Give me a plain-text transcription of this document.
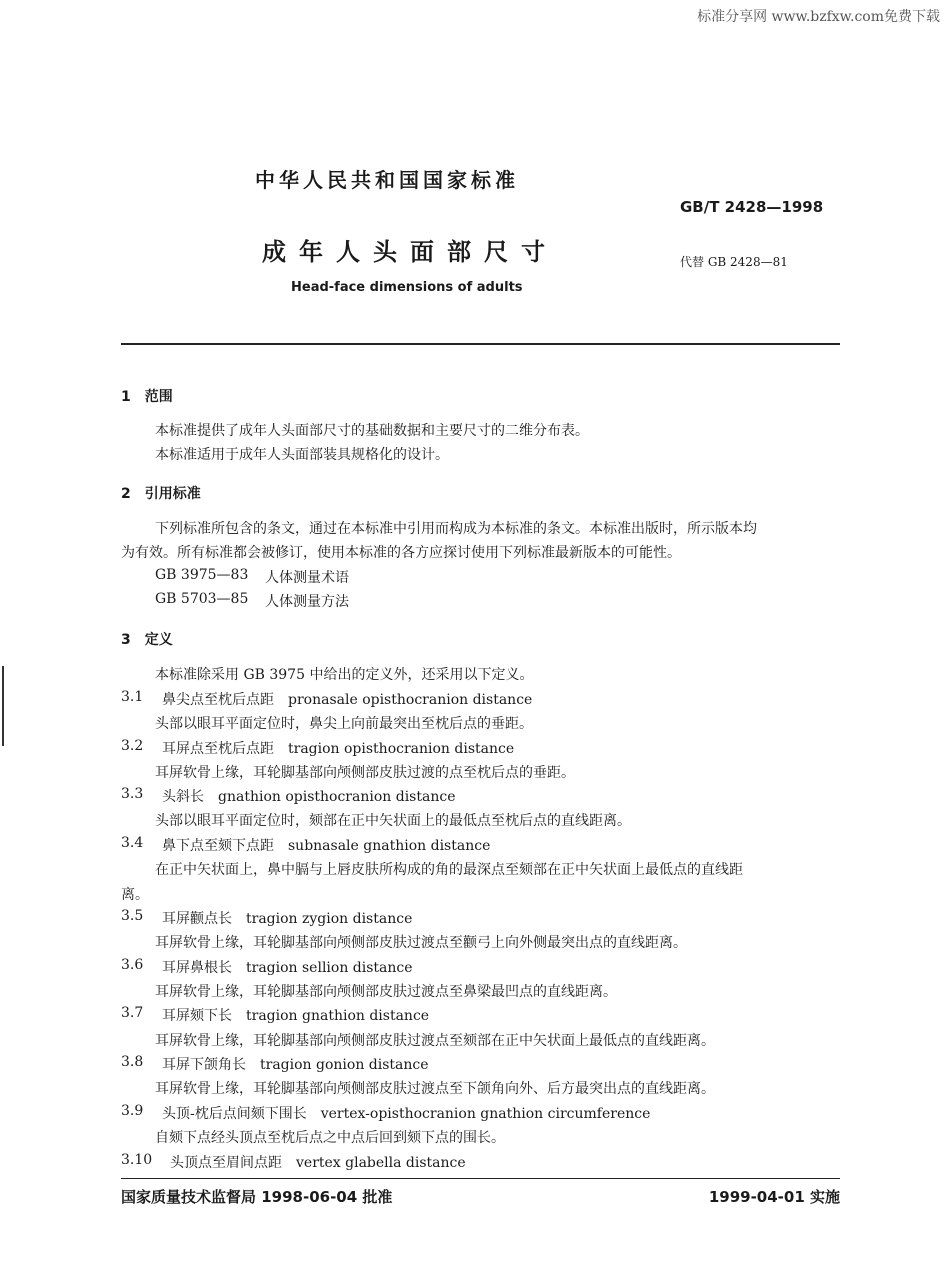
标准分享网 www.bzfxw.com免费下载
中华人民共和国国家标准
GB/T 2428—1998
成年人头面部尺寸	代替 GB 2428—81
Head-face dimensions of adults
1　范围
本标准提供了成年人头面部尺寸的基础数据和主要尺寸的二维分布表。
本标准适用于成年人头面部装具规格化的设计。
2　引用标准
下列标准所包含的条文，通过在本标准中引用而构成为本标准的条文。本标准出版时，所示版本均
为有效。所有标准都会被修订，使用本标准的各方应探讨使用下列标准最新版本的可能性。
GB 3975—83 人体测量术语
GB 5703—85 人体测量方法
3　定义
本标准除采用 GB 3975 中给出的定义外，还采用以下定义。
3.1 鼻尖点至枕后点距　pronasale opisthocranion distance
头部以眼耳平面定位时，鼻尖上向前最突出至枕后点的垂距。
3.2 耳屏点至枕后点距　tragion opisthocranion distance
耳屏软骨上缘，耳轮脚基部向颅侧部皮肤过渡的点至枕后点的垂距。
3.3 头斜长　gnathion opisthocranion distance
头部以眼耳平面定位时，颏部在正中矢状面上的最低点至枕后点的直线距离。
3.4 鼻下点至颏下点距　subnasale gnathion distance
在正中矢状面上，鼻中膈与上唇皮肤所构成的角的最深点至颏部在正中矢状面上最低点的直线距
离。
3.5 耳屏颧点长　tragion zygion distance
耳屏软骨上缘，耳轮脚基部向颅侧部皮肤过渡点至颧弓上向外侧最突出点的直线距离。
3.6 耳屏鼻根长　tragion sellion distance
耳屏软骨上缘，耳轮脚基部向颅侧部皮肤过渡点至鼻梁最凹点的直线距离。
3.7 耳屏颏下长　tragion gnathion distance
耳屏软骨上缘，耳轮脚基部向颅侧部皮肤过渡点至颏部在正中矢状面上最低点的直线距离。
3.8 耳屏下颌角长　tragion gonion distance
耳屏软骨上缘，耳轮脚基部向颅侧部皮肤过渡点至下颌角向外、后方最突出点的直线距离。
3.9 头顶-枕后点间颏下围长　vertex-opisthocranion gnathion circumference
自颏下点经头顶点至枕后点之中点后回到颏下点的围长。
3.10 头顶点至眉间点距　vertex glabella distance
国家质量技术监督局 1998-06-04 批准	1999-04-01 实施
